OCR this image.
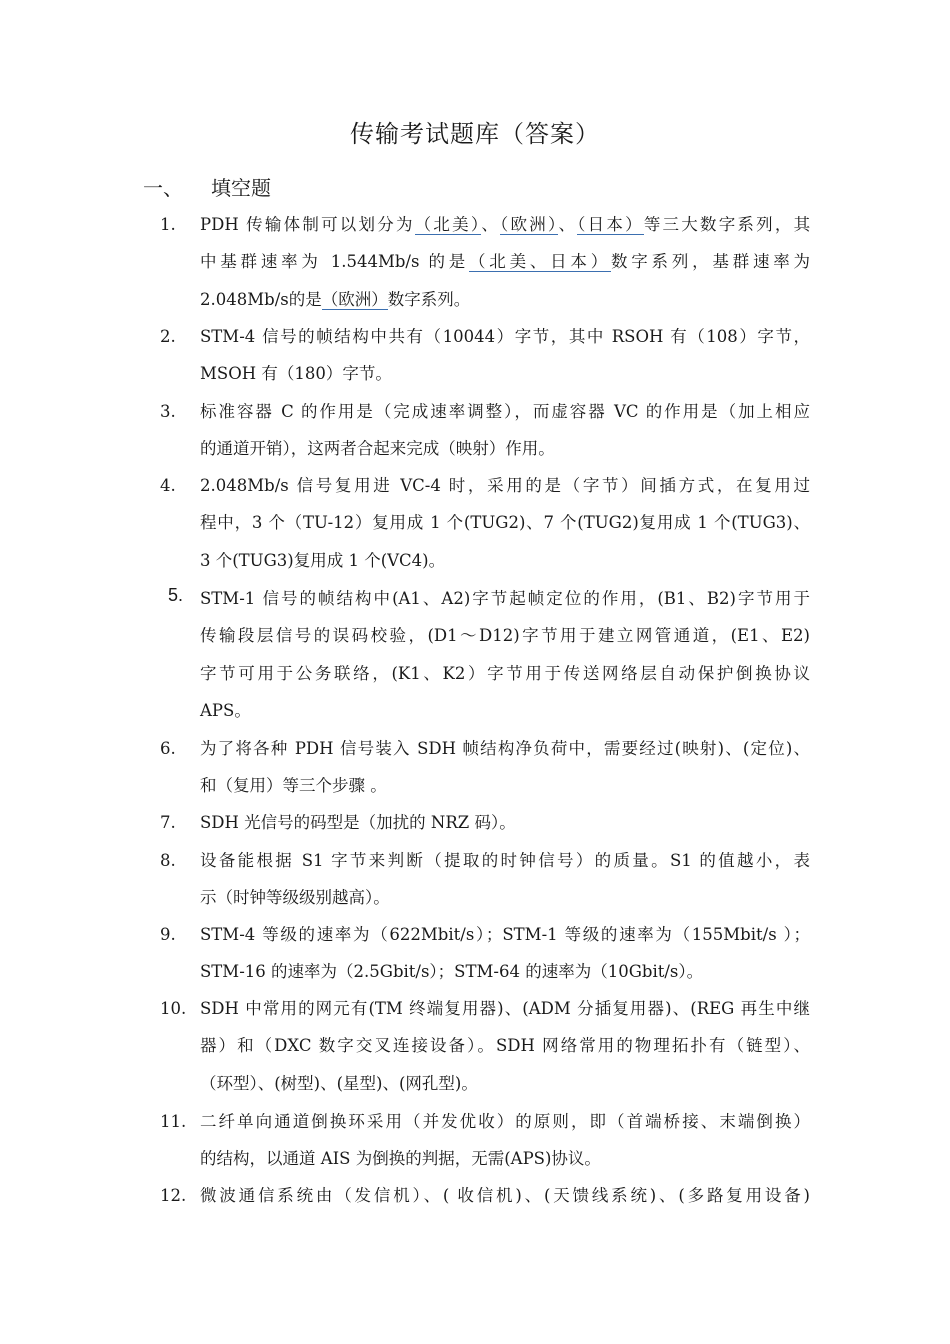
传输考试题库（答案）
一、 填空题
1.	PDH 传输体制可以划分为（北美）、（欧洲）、（日本）等三大数字系列，其
中基群速率为 1.544Mb/s 的是（北美、日本）数字系列，基群速率为
2.048Mb/s的是（欧洲）数字系列。
2.	STM-4 信号的帧结构中共有（10044）字节，其中 RSOH 有（108）字节，
MSOH 有（180）字节。
3.	标准容器 C 的作用是（完成速率调整），而虚容器 VC 的作用是（加上相应
的通道开销），这两者合起来完成（映射）作用。
4.	2.048Mb/s 信号复用进 VC-4 时，采用的是（字节）间插方式，在复用过
程中，3 个（TU-12）复用成 1 个(TUG2)、7 个(TUG2)复用成 1 个(TUG3)、
3 个(TUG3)复用成 1 个(VC4)。
5.	STM-1 信号的帧结构中(A1、A2)字节起帧定位的作用，(B1、B2)字节用于
传输段层信号的误码校验，(D1～D12)字节用于建立网管通道，(E1、E2)
字节可用于公务联络，(K1、K2）字节用于传送网络层自动保护倒换协议
APS。
6.	为了将各种 PDH 信号装入 SDH 帧结构净负荷中，需要经过(映射)、(定位)、
和（复用）等三个步骤 。
7.	SDH 光信号的码型是（加扰的 NRZ 码）。
8.	设备能根据 S1 字节来判断（提取的时钟信号）的质量。S1 的值越小，表
示（时钟等级级别越高）。
9.	STM-4 等级的速率为（622Mbit/s）；STM-1 等级的速率为（155Mbit/s ）；
STM-16 的速率为（2.5Gbit/s）；STM-64 的速率为（10Gbit/s）。
10. SDH 中常用的网元有(TM 终端复用器)、(ADM 分插复用器)、(REG 再生中继
器）和（DXC 数字交叉连接设备）。SDH 网络常用的物理拓扑有（链型）、
（环型）、(树型)、(星型)、(网孔型)。
11. 二纤单向通道倒换环采用（并发优收）的原则，即（首端桥接、末端倒换）
的结构，以通道 AIS 为倒换的判据，无需(APS)协议。
12. 微波通信系统由（发信机）、( 收信机)、(天馈线系统)、(多路复用设备)
